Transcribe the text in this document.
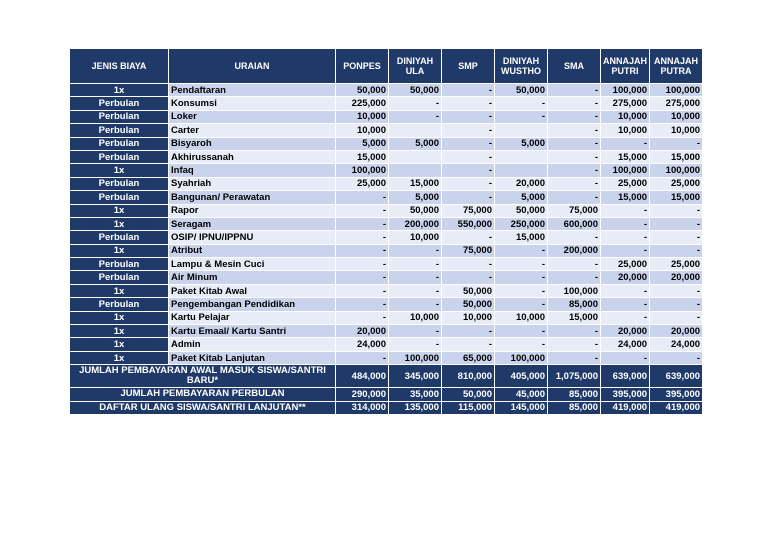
JENIS BIAYA	URAIAN	PONPES	DINIYAH ULA	SMP	DINIYAH WUSTHO	SMA	ANNAJAH PUTRI	ANNAJAH PUTRA
1x	Pendaftaran	50,000	50,000	-	50,000	-	100,000	100,000
Perbulan	Konsumsi	225,000	-	-	-	-	275,000	275,000
Perbulan	Loker	10,000	-	-	-	-	10,000	10,000
Perbulan	Carter	10,000		-		-	10,000	10,000
Perbulan	Bisyaroh	5,000	5,000	-	5,000	-	-	-
Perbulan	Akhirussanah	15,000		-		-	15,000	15,000
1x	Infaq	100,000		-		-	100,000	100,000
Perbulan	Syahriah	25,000	15,000	-	20,000	-	25,000	25,000
Perbulan	Bangunan/ Perawatan	-	5,000	-	5,000	-	15,000	15,000
1x	Rapor	-	50,000	75,000	50,000	75,000	-	-
1x	Seragam	-	200,000	550,000	250,000	600,000	-	-
Perbulan	OSIP/ IPNU/IPPNU	-	10,000	-	15,000	-	-	-
1x	Atribut	-	-	75,000	-	200,000	-	-
Perbulan	Lampu & Mesin Cuci	-	-	-	-	-	25,000	25,000
Perbulan	Air Minum	-	-	-	-	-	20,000	20,000
1x	Paket Kitab Awal	-	-	50,000	-	100,000	-	-
Perbulan	Pengembangan Pendidikan	-	-	50,000	-	85,000	-	-
1x	Kartu Pelajar	-	10,000	10,000	10,000	15,000	-	-
1x	Kartu Emaal/ Kartu Santri	20,000	-	-	-	-	20,000	20,000
1x	Admin	24,000	-	-	-	-	24,000	24,000
1x	Paket Kitab Lanjutan	-	100,000	65,000	100,000	-	-	-
JUMLAH PEMBAYARAN AWAL MASUK SISWA/SANTRI BARU*		484,000	345,000	810,000	405,000	1,075,000	639,000	639,000
JUMLAH PEMBAYARAN PERBULAN		290,000	35,000	50,000	45,000	85,000	395,000	395,000
DAFTAR ULANG SISWA/SANTRI LANJUTAN**		314,000	135,000	115,000	145,000	85,000	419,000	419,000
